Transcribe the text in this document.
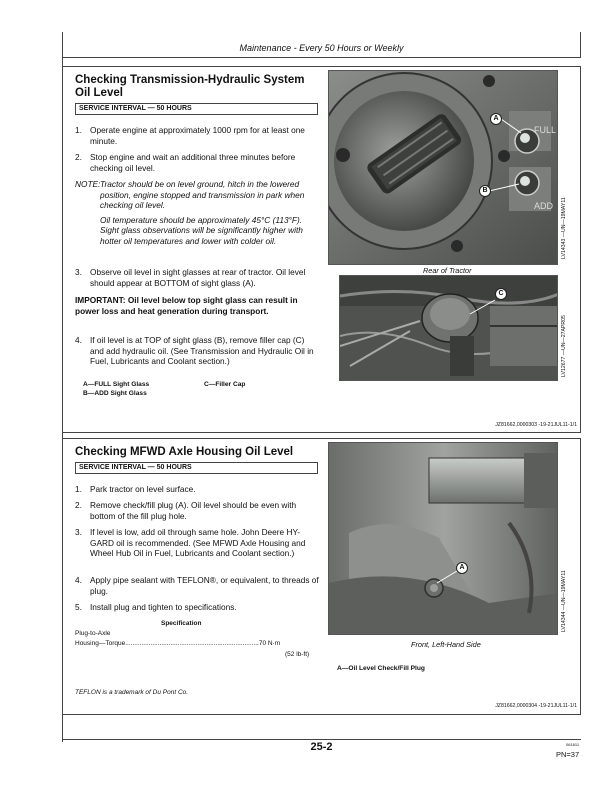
Maintenance - Every 50 Hours or Weekly
Checking Transmission-Hydraulic System
Oil Level
SERVICE INTERVAL — 50 HOURS
1. Operate engine at approximately 1000 rpm for at least one minute.
2. Stop engine and wait an additional three minutes before checking oil level.
NOTE: Tractor should be on level ground, hitch in the lowered position, engine stopped and transmission in park when checking oil level.
Oil temperature should be approximately 45°C (113°F). Sight glass observations will be significantly higher with hotter oil temperatures and lower with colder oil.
3. Observe oil level in sight glasses at rear of tractor. Oil level should appear at BOTTOM of sight glass (A).
IMPORTANT: Oil level below top sight glass can result in power loss and heat generation during transport.
4. If oil level is at TOP of sight glass (B), remove filler cap (C) and add hydraulic oil. (See Transmission and Hydraulic Oil in Fuel, Lubricants and Coolant section.)
A—FULL Sight Glass
B—ADD Sight Glass
C—Filler Cap
FULL
ADD
A
B
LV14343 —UN—19MAY11
Rear of Tractor
C
LV12677 —UN—27APR05
JZ81662,0000303 -19-21JUL11-1/1
Checking MFWD Axle Housing Oil Level
SERVICE INTERVAL — 50 HOURS
1. Park tractor on level surface.
2. Remove check/fill plug (A). Oil level should be even with bottom of the fill plug hole.
3. If level is low, add oil through same hole. John Deere HY-GARD oil is recommended. (See MFWD Axle Housing and Wheel Hub Oil in Fuel, Lubricants and Coolant section.)
4. Apply pipe sealant with TEFLON®, or equivalent, to threads of plug.
5. Install plug and tighten to specifications.
Specification
Plug-to-Axle
Housing—Torque..........................................................................70 N·m
(52 lb-ft)
TEFLON is a trademark of Du Pont Co.
A
LV14344 —UN—19MAY11
Front, Left-Hand Side
A—Oil Level Check/Fill Plug
JZ81662,0000304 -19-21JUL11-1/1
25-2	061811
PN=37
